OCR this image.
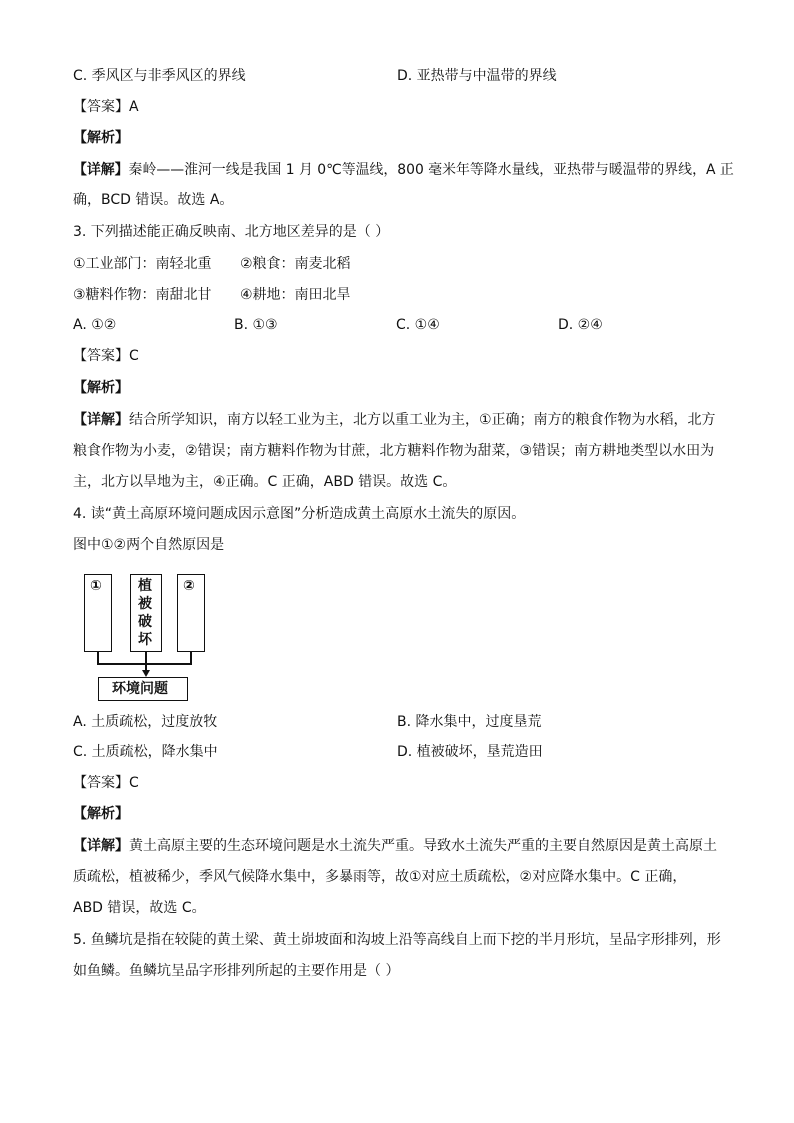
C. 季风区与非季风区的界线	D. 亚热带与中温带的界线
【答案】A
【解析】
【详解】秦岭——淮河一线是我国 1 月 0℃等温线，800 毫米年等降水量线，亚热带与暖温带的界线，A 正
确，BCD 错误。故选 A。
3. 下列描述能正确反映南、北方地区差异的是（ ）
①工业部门：南轻北重 ②粮食：南麦北稻
③糖料作物：南甜北甘 ④耕地：南田北旱
A. ①②	B. ①③	C. ①④	D. ②④
【答案】C
【解析】
【详解】结合所学知识，南方以轻工业为主，北方以重工业为主，①正确；南方的粮食作物为水稻，北方
粮食作物为小麦，②错误；南方糖料作物为甘蔗，北方糖料作物为甜菜，③错误；南方耕地类型以水田为
主，北方以旱地为主，④正确。C 正确，ABD 错误。故选 C。
4. 读“黄土高原环境问题成因示意图”分析造成黄土高原水土流失的原因。
图中①②两个自然原因是
①	植
被
破
坏
②
环境问题
A. 土质疏松，过度放牧	B. 降水集中，过度垦荒
C. 土质疏松，降水集中	D. 植被破坏，垦荒造田
【答案】C
【解析】
【详解】黄土高原主要的生态环境问题是水土流失严重。导致水土流失严重的主要自然原因是黄土高原土
质疏松，植被稀少，季风气候降水集中，多暴雨等，故①对应土质疏松，②对应降水集中。C 正确，
ABD 错误，故选 C。
5. 鱼鳞坑是指在较陡的黄土梁、黄土峁坡面和沟坡上沿等高线自上而下挖的半月形坑，呈品字形排列，形
如鱼鳞。鱼鳞坑呈品字形排列所起的主要作用是（ ）
